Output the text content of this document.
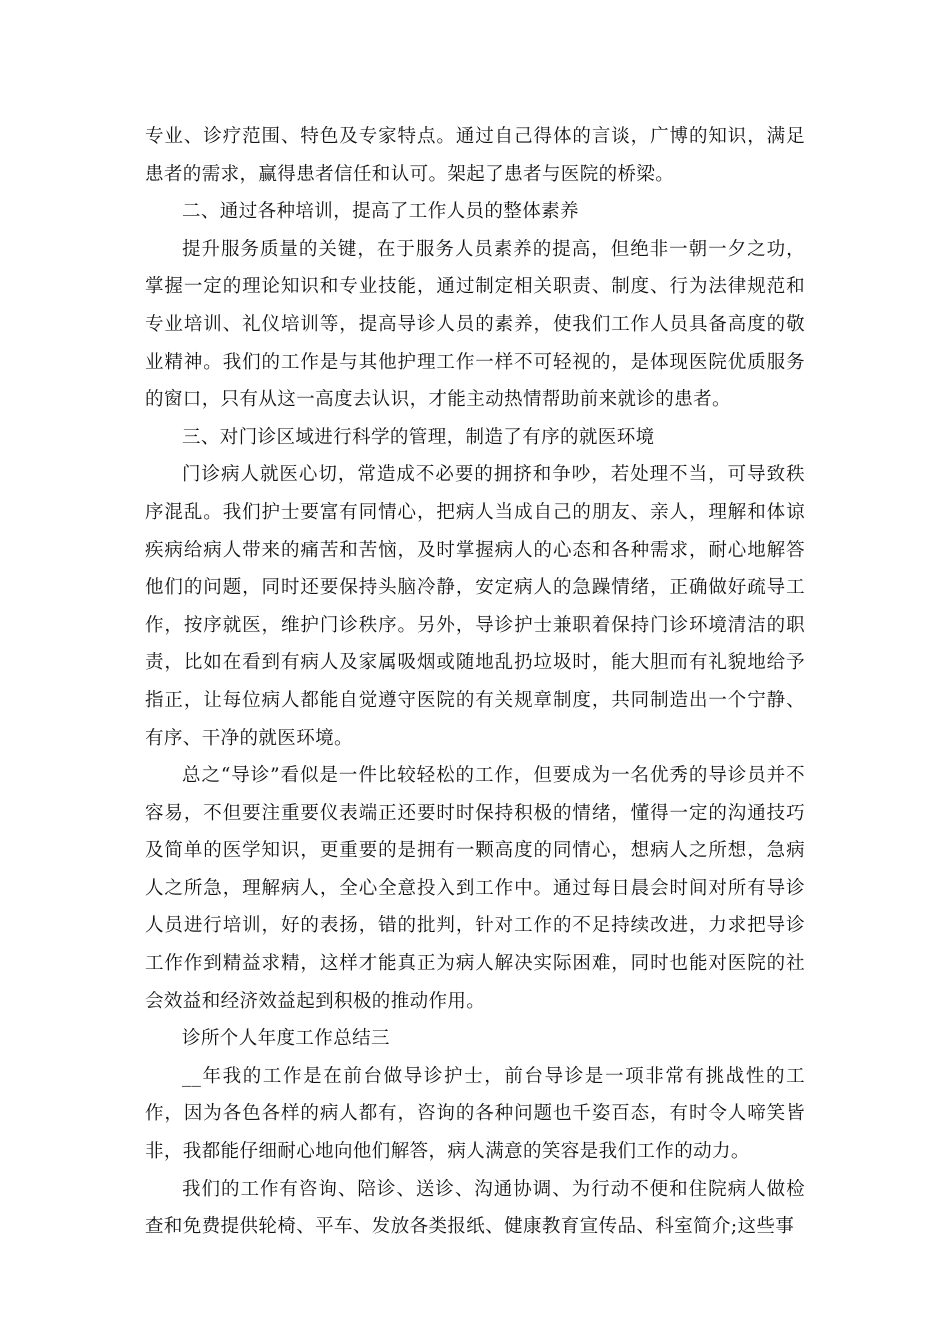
专业、诊疗范围、特色及专家特点。通过自己得体的言谈，广博的知识，满足患者的需求，赢得患者信任和认可。架起了患者与医院的桥梁。

二、通过各种培训，提高了工作人员的整体素养

提升服务质量的关键，在于服务人员素养的提高，但绝非一朝一夕之功，掌握一定的理论知识和专业技能，通过制定相关职责、制度、行为法律规范和专业培训、礼仪培训等，提高导诊人员的素养，使我们工作人员具备高度的敬业精神。我们的工作是与其他护理工作一样不可轻视的，是体现医院优质服务的窗口，只有从这一高度去认识，才能主动热情帮助前来就诊的患者。

三、对门诊区域进行科学的管理，制造了有序的就医环境

门诊病人就医心切，常造成不必要的拥挤和争吵，若处理不当，可导致秩序混乱。我们护士要富有同情心，把病人当成自己的朋友、亲人，理解和体谅疾病给病人带来的痛苦和苦恼，及时掌握病人的心态和各种需求，耐心地解答他们的问题，同时还要保持头脑冷静，安定病人的急躁情绪，正确做好疏导工作，按序就医，维护门诊秩序。另外，导诊护士兼职着保持门诊环境清洁的职责，比如在看到有病人及家属吸烟或随地乱扔垃圾时，能大胆而有礼貌地给予指正，让每位病人都能自觉遵守医院的有关规章制度，共同制造出一个宁静、有序、干净的就医环境。

总之“导诊”看似是一件比较轻松的工作，但要成为一名优秀的导诊员并不容易，不但要注重要仪表端正还要时时保持积极的情绪，懂得一定的沟通技巧及简单的医学知识，更重要的是拥有一颗高度的同情心，想病人之所想，急病人之所急，理解病人，全心全意投入到工作中。通过每日晨会时间对所有导诊人员进行培训，好的表扬，错的批判，针对工作的不足持续改进，力求把导诊工作作到精益求精，这样才能真正为病人解决实际困难，同时也能对医院的社会效益和经济效益起到积极的推动作用。

诊所个人年度工作总结三

__年我的工作是在前台做导诊护士，前台导诊是一项非常有挑战性的工作，因为各色各样的病人都有，咨询的各种问题也千姿百态，有时令人啼笑皆非，我都能仔细耐心地向他们解答，病人满意的笑容是我们工作的动力。

我们的工作有咨询、陪诊、送诊、沟通协调、为行动不便和住院病人做检查和免费提供轮椅、平车、发放各类报纸、健康教育宣传品、科室简介;这些事
